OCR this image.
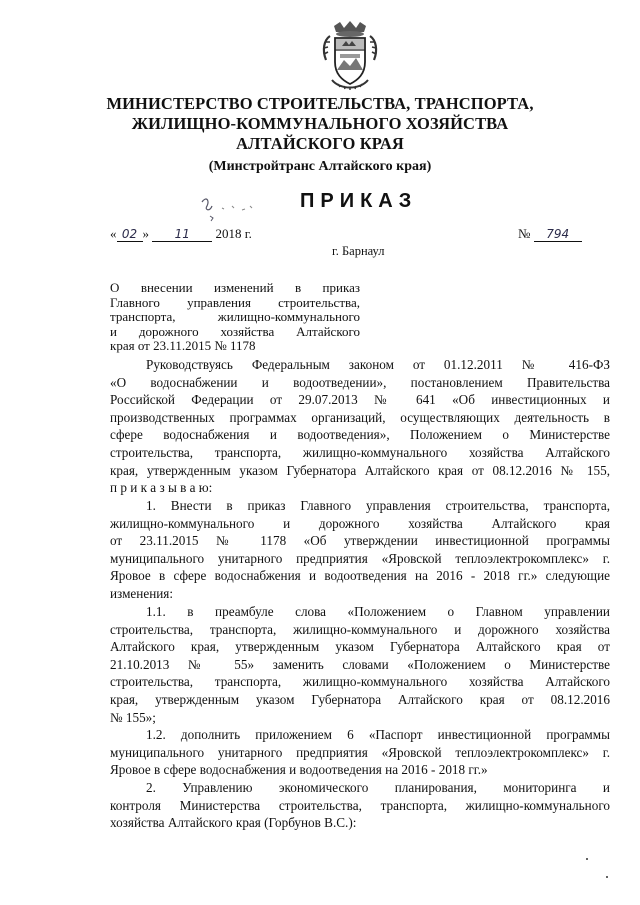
МИНИСТЕРСТВО СТРОИТЕЛЬСТВА, ТРАНСПОРТА,
ЖИЛИЩНО-КОММУНАЛЬНОГО ХОЗЯЙСТВА
АЛТАЙСКОГО КРАЯ
(Минстройтранс Алтайского края)
ПРИКАЗ
« 02 » 11 2018 г.	№ 794
г. Барнаул
О внесении изменений в приказ
Главного управления строительства,
транспорта, жилищно-коммунального
и дорожного хозяйства Алтайского
края от 23.11.2015 № 1178
Руководствуясь Федеральным законом от 01.12.2011 № 416-ФЗ
«О водоснабжении и водоотведении», постановлением Правительства
Российской Федерации от 29.07.2013 № 641 «Об инвестиционных и
производственных программах организаций, осуществляющих деятельность в
сфере водоснабжения и водоотведения», Положением о Министерстве
строительства, транспорта, жилищно-коммунального хозяйства Алтайского
края, утвержденным указом Губернатора Алтайского края от 08.12.2016 № 155,
п р и к а з ы в а ю:
1. Внести в приказ Главного управления строительства, транспорта,
жилищно-коммунального и дорожного хозяйства Алтайского края
от 23.11.2015 № 1178 «Об утверждении инвестиционной программы
муниципального унитарного предприятия «Яровской теплоэлектрокомплекс» г.
Яровое в сфере водоснабжения и водоотведения на 2016 - 2018 гг.» следующие
изменения:
1.1. в преамбуле слова «Положением о Главном управлении
строительства, транспорта, жилищно-коммунального и дорожного хозяйства
Алтайского края, утвержденным указом Губернатора Алтайского края от
21.10.2013 № 55» заменить словами «Положением о Министерстве
строительства, транспорта, жилищно-коммунального хозяйства Алтайского
края, утвержденным указом Губернатора Алтайского края от 08.12.2016
№ 155»;
1.2. дополнить приложением 6 «Паспорт инвестиционной программы
муниципального унитарного предприятия «Яровской теплоэлектрокомплекс» г.
Яровое в сфере водоснабжения и водоотведения на 2016 - 2018 гг.»
2. Управлению экономического планирования, мониторинга и
контроля Министерства строительства, транспорта, жилищно-коммунального
хозяйства Алтайского края (Горбунов В.С.):
